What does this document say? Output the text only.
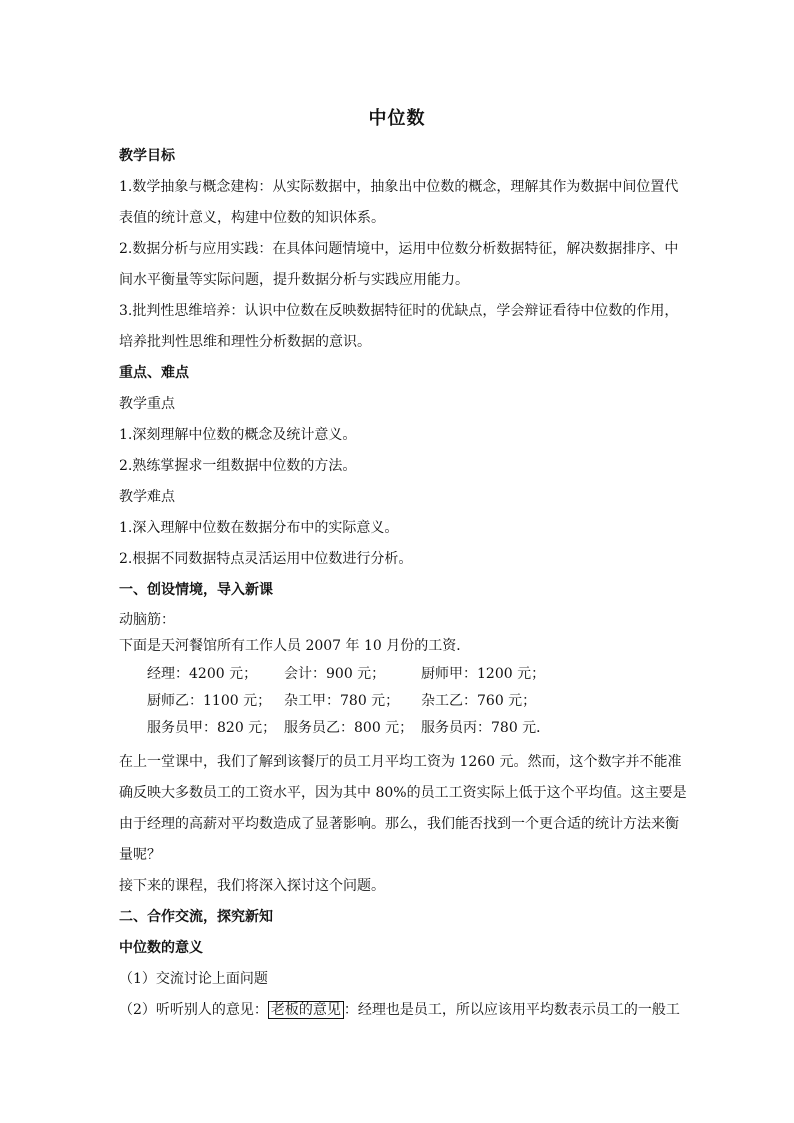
中位数
教学目标
1.数学抽象与概念建构：从实际数据中，抽象出中位数的概念，理解其作为数据中间位置代
表值的统计意义，构建中位数的知识体系。
2.数据分析与应用实践：在具体问题情境中，运用中位数分析数据特征，解决数据排序、中
间水平衡量等实际问题，提升数据分析与实践应用能力。
3.批判性思维培养：认识中位数在反映数据特征时的优缺点，学会辩证看待中位数的作用，
培养批判性思维和理性分析数据的意识。
重点、难点
教学重点
1.深刻理解中位数的概念及统计意义。
2.熟练掌握求一组数据中位数的方法。
教学难点
1.深入理解中位数在数据分布中的实际意义。
2.根据不同数据特点灵活运用中位数进行分析。
一、创设情境，导入新课
动脑筋：
下面是天河餐馆所有工作人员 2007 年 10 月份的工资．
经理：4200 元； 会计：900 元；	厨师甲：1200 元；
厨师乙：1100 元； 杂工甲：780 元； 杂工乙：760 元；
服务员甲：820 元； 服务员乙：800 元； 服务员丙：780 元．
在上一堂课中，我们了解到该餐厅的员工月平均工资为 1260 元。然而，这个数字并不能准
确反映大多数员工的工资水平，因为其中 80%的员工工资实际上低于这个平均值。这主要是
由于经理的高薪对平均数造成了显著影响。那么，我们能否找到一个更合适的统计方法来衡
量呢？
接下来的课程，我们将深入探讨这个问题。
二、合作交流，探究新知
中位数的意义
（1）交流讨论上面问题
（2）听听别人的意见： 老板的意见 ：经理也是员工，所以应该用平均数表示员工的一般工
